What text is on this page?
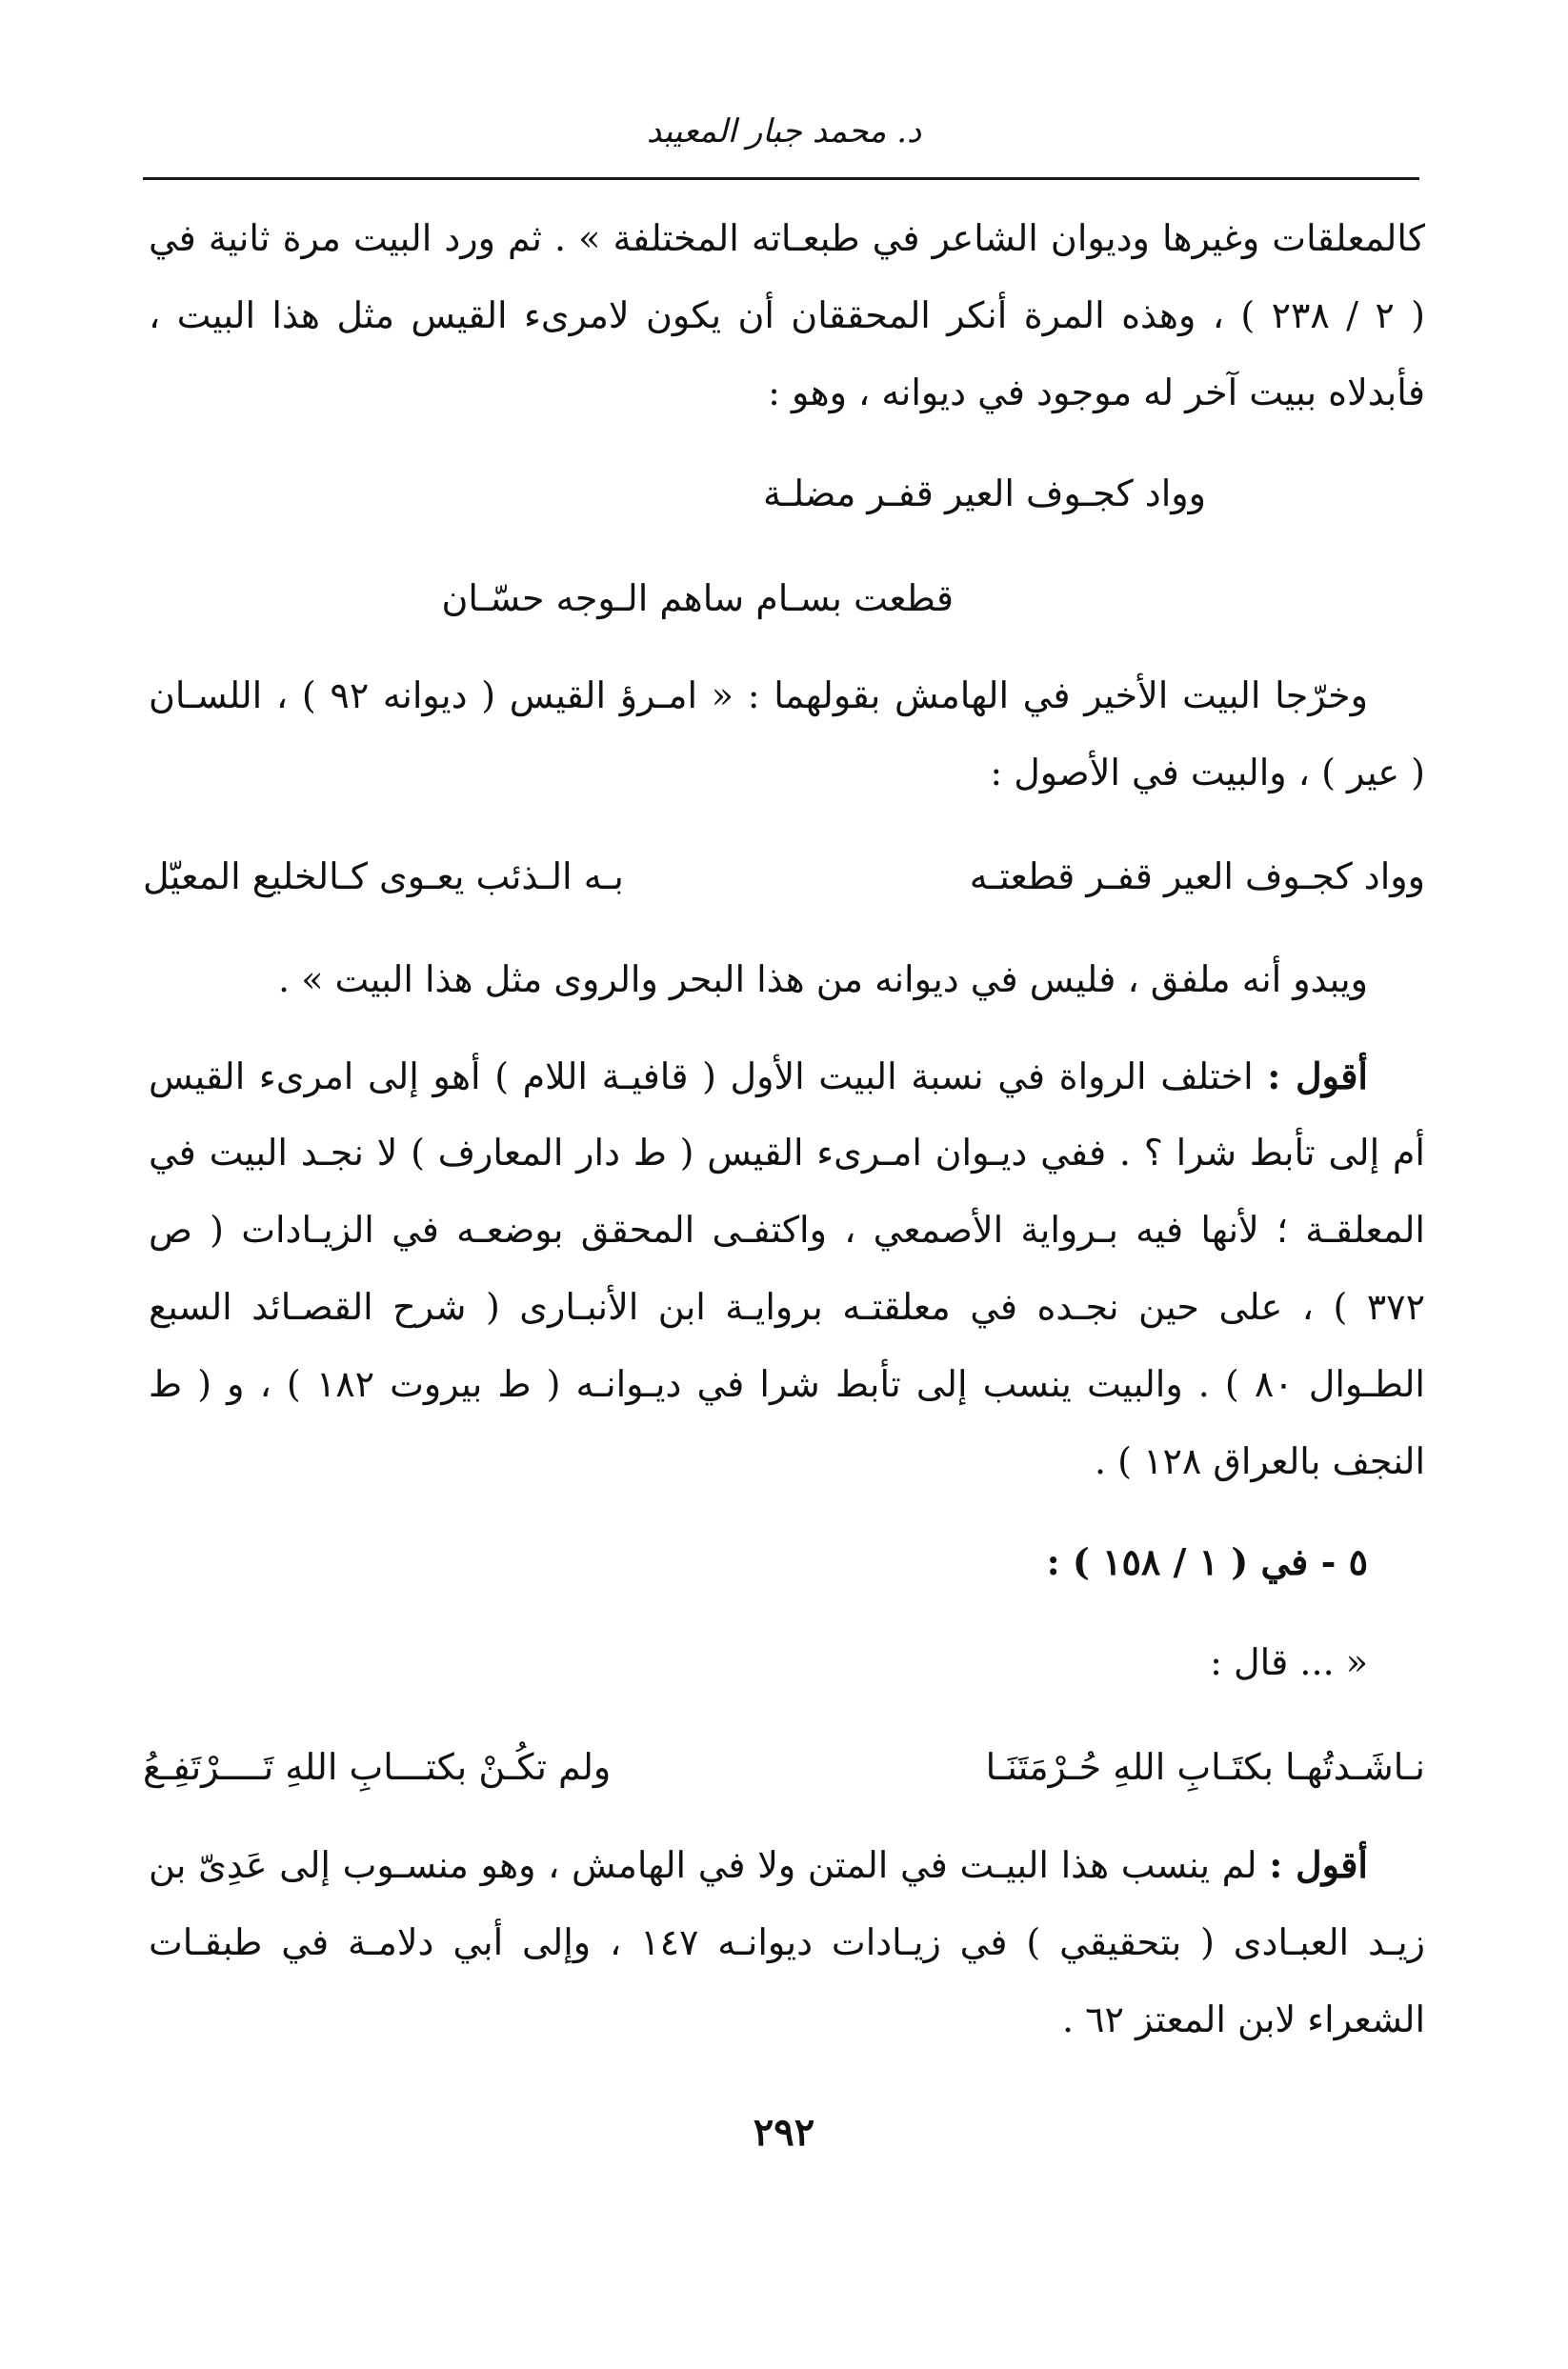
د. محمد جبار المعيبد
كالمعلقات وغيرها وديوان الشاعر في طبعـاته المختلفة » . ثم ورد البيت مرة ثانية في
( ٢ / ٢٣٨ ) ، وهذه المرة أنكر المحققان أن يكون لامرىء القيس مثل هذا البيت ،
فأبدلاه ببيت آخر له موجود في ديوانه ، وهو :
وواد كجـوف العير قفـر مضلـة
قطعت بسـام ساهم الـوجه حسّـان
وخرّجا البيت الأخير في الهامش بقولهما : « امـرؤ القيس ( ديوانه ٩٢ ) ، اللسـان
( عير ) ، والبيت في الأصول :
وواد كجـوف العير قفـر قطعتـه
بـه الـذئب يعـوى كـالخليع المعيّل
ويبدو أنه ملفق ، فليس في ديوانه من هذا البحر والروى مثل هذا البيت » .
أقول : اختلف الرواة في نسبة البيت الأول ( قافيـة اللام ) أهو إلى امرىء القيس
أم إلى تأبط شرا ؟ . ففي ديـوان امـرىء القيس ( ط دار المعارف ) لا نجـد البيت في
المعلقـة ؛ لأنها فيه بـرواية الأصمعي ، واكتفـى المحقق بوضعـه في الزيـادات ( ص
٣٧٢ ) ، على حين نجـده في معلقتـه بروايـة ابن الأنبـارى ( شرح القصـائد السبع
الطـوال ٨٠ ) . والبيت ينسب إلى تأبط شرا في ديـوانـه ( ط بيروت ١٨٢ ) ، و ( ط
النجف بالعراق ١٢٨ ) .
٥ - في ( ١ / ١٥٨ ) :
« ... قال :
نـاشَـدتُهـا بكتَـابِ اللهِ حُـرْمَتَنَـا
ولم تكُـنْ بكتـــابِ اللهِ تَــــرْتَفِـعُ
أقول : لم ينسب هذا البيـت في المتن ولا في الهامش ، وهو منسـوب إلى عَدِىّ بن
زيـد العبـادى ( بتحقيقي ) في زيـادات ديوانـه ١٤٧ ، وإلى أبي دلامـة في طبقـات
الشعراء لابن المعتز ٦٢ .
٢٩٢
